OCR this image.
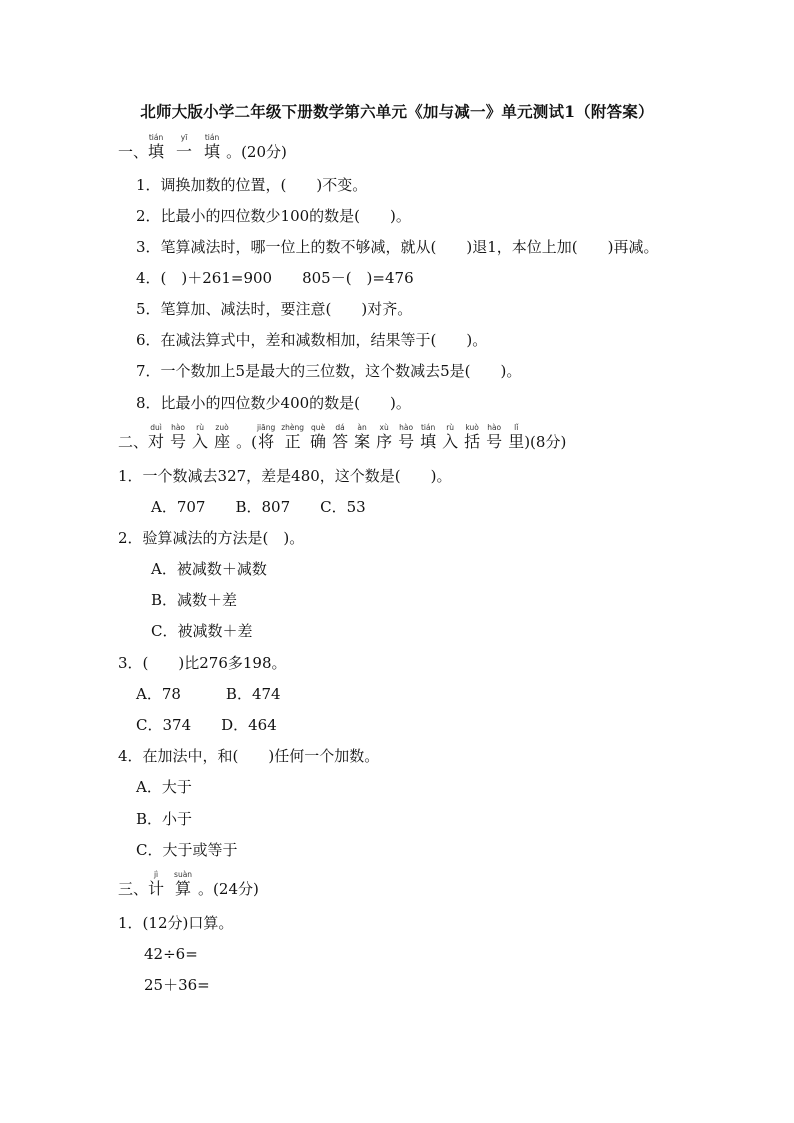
北师大版小学二年级下册数学第六单元《加与减一》单元测试1（附答案）
一、
tián
填
yī
一
tián
填 。(20分)
1．调换加数的位置，(　　)不变。
2．比最小的四位数少100的数是(　　)。
3．笔算减法时，哪一位上的数不够减，就从(　　)退1，本位上加(　　)再减。
4．(　)＋261=900　　805－(　)=476
5．笔算加、减法时，要注意(　　)对齐。
6．在减法算式中，差和减数相加，结果等于(　　)。
7．一个数加上5是最大的三位数，这个数减去5是(　　)。
8．比最小的四位数少400的数是(　　)。
二、
duì
对
hào
号
rù
入
zuò
座 。(
jiāng
将
zhèng
正
què
确
dá
答
àn
案
xù
序
hào
号
tián
填
rù
入
kuò
括
hào
号
lǐ
里 )(8分)
1．一个数减去327，差是480，这个数是(　　)。
A．707　　B．807　　C．53
2．验算减法的方法是(　)。
A．被减数＋减数
B．减数＋差
C．被减数＋差
3．(　　)比276多198。
A．78　　　B．474
C．374　　D．464
4．在加法中，和(　　)任何一个加数。
A．大于
B．小于
C．大于或等于
三、
jì
计
suàn
算 。(24分)
1．(12分)口算。
42÷6=
25＋36=
